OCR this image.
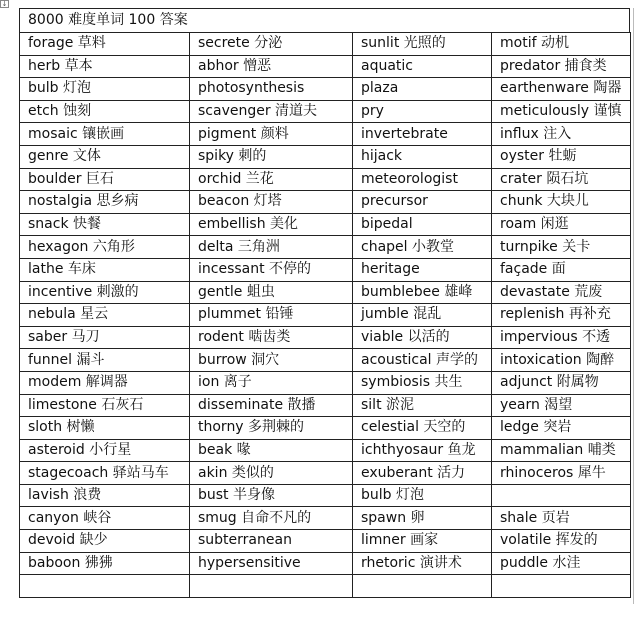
↓
8000 难度单词 100 答案
forage 草料	secrete 分泌	sunlit 光照的	motif 动机
herb 草本	abhor 憎恶	aquatic	predator 捕食类
bulb 灯泡	photosynthesis	plaza	earthenware 陶器
etch 蚀刻	scavenger 清道夫	pry	meticulously 谨慎
mosaic 镶嵌画	pigment 颜料	invertebrate	influx 注入
genre 文体	spiky 刺的	hijack	oyster 牡蛎
boulder 巨石	orchid 兰花	meteorologist	crater 陨石坑
nostalgia 思乡病	beacon 灯塔	precursor	chunk 大块儿
snack 快餐	embellish 美化	bipedal	roam 闲逛
hexagon 六角形	delta 三角洲	chapel 小教堂	turnpike 关卡
lathe 车床	incessant 不停的	heritage	façade 面
incentive 刺激的	gentle 蛆虫	bumblebee 雄峰	devastate 荒废
nebula 星云	plummet 铅锤	jumble 混乱	replenish 再补充
saber 马刀	rodent 啮齿类	viable 以活的	impervious 不透
funnel 漏斗	burrow 洞穴	acoustical 声学的	intoxication 陶醉
modem 解调器	ion 离子	symbiosis 共生	adjunct 附属物
limestone 石灰石	disseminate 散播	silt 淤泥	yearn 渴望
sloth 树懒	thorny 多荆棘的	celestial 天空的	ledge 突岩
asteroid 小行星	beak 喙	ichthyosaur 鱼龙	mammalian 哺类
stagecoach 驿站马车	akin 类似的	exuberant 活力	rhinoceros 犀牛
lavish 浪费	bust 半身像	bulb 灯泡	
canyon 峡谷	smug 自命不凡的	spawn 卵	shale 页岩
devoid 缺少	subterranean	limner 画家	volatile 挥发的
baboon 狒狒	hypersensitive	rhetoric 演讲术	puddle 水洼
